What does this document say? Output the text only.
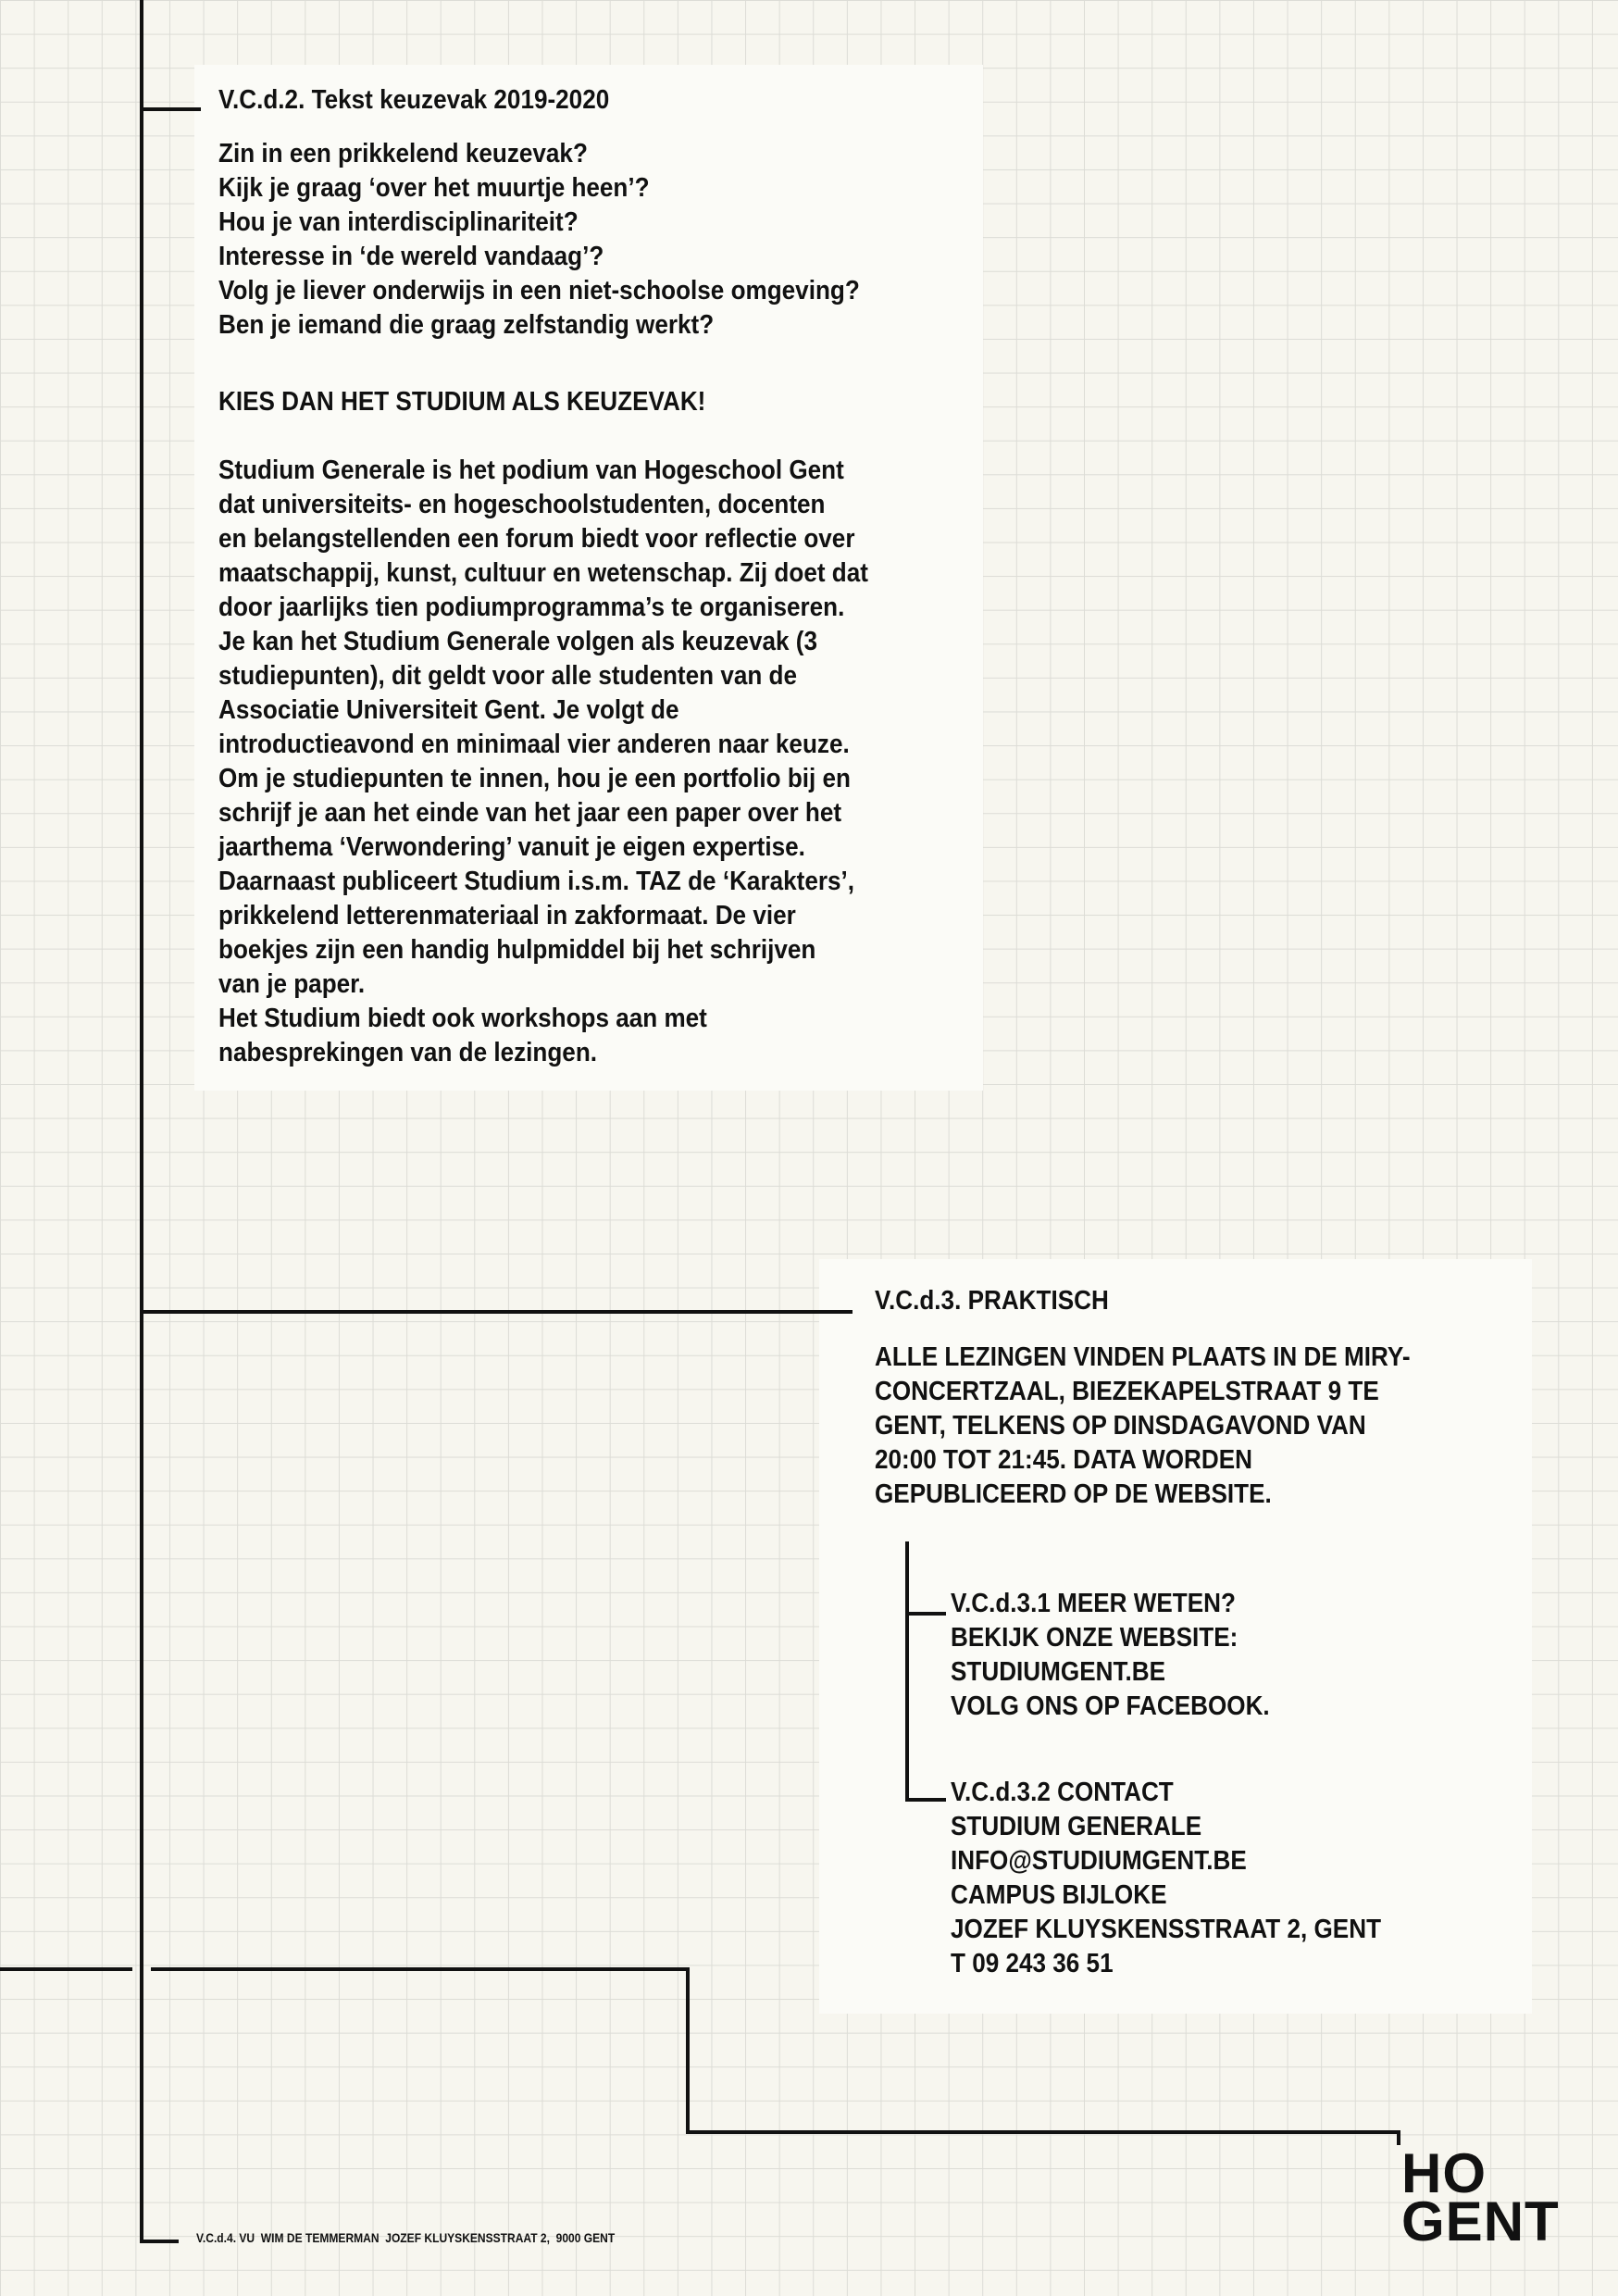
V.C.d.2. Tekst keuzevak 2019-2020

Zin in een prikkelend keuzevak?

Kijk je graag ‘over het muurtje heen’?

Hou je van interdisciplinariteit?

Interesse in ‘de wereld vandaag’?

Volg je liever onderwijs in een niet-schoolse omgeving?

Ben je iemand die graag zelfstandig werkt?

KIES DAN HET STUDIUM ALS KEUZEVAK!

Studium Generale is het podium van Hogeschool Gent

dat universiteits- en hogeschoolstudenten, docenten

en belangstellenden een forum biedt voor reflectie over

maatschappij, kunst, cultuur en wetenschap. Zij doet dat

door jaarlijks tien podiumprogramma’s te organiseren.

Je kan het Studium Generale volgen als keuzevak (3

studiepunten), dit geldt voor alle studenten van de

Associatie Universiteit Gent. Je volgt de

introductieavond en minimaal vier anderen naar keuze.

Om je studiepunten te innen, hou je een portfolio bij en

schrijf je aan het einde van het jaar een paper over het

jaarthema ‘Verwondering’ vanuit je eigen expertise.

Daarnaast publiceert Studium i.s.m. TAZ de ‘Karakters’,

prikkelend letterenmateriaal in zakformaat. De vier

boekjes zijn een handig hulpmiddel bij het schrijven

van je paper.

Het Studium biedt ook workshops aan met

nabesprekingen van de lezingen.

V.C.d.3. PRAKTISCH

ALLE LEZINGEN VINDEN PLAATS IN DE MIRY-

CONCERTZAAL, BIEZEKAPELSTRAAT 9 TE

GENT, TELKENS OP DINSDAGAVOND VAN

20:00 TOT 21:45. DATA WORDEN

GEPUBLICEERD OP DE WEBSITE.

V.C.d.3.1 MEER WETEN?

BEKIJK ONZE WEBSITE:

STUDIUMGENT.BE

VOLG ONS OP FACEBOOK.

V.C.d.3.2 CONTACT

STUDIUM GENERALE

INFO@STUDIUMGENT.BE

CAMPUS BIJLOKE

JOZEF KLUYSKENSSTRAAT 2, GENT

T 09 243 36 51

V.C.d.4. VU  WIM DE TEMMERMAN  JOZEF KLUYSKENSSTRAAT 2,  9000 GENT

HO
GENT
